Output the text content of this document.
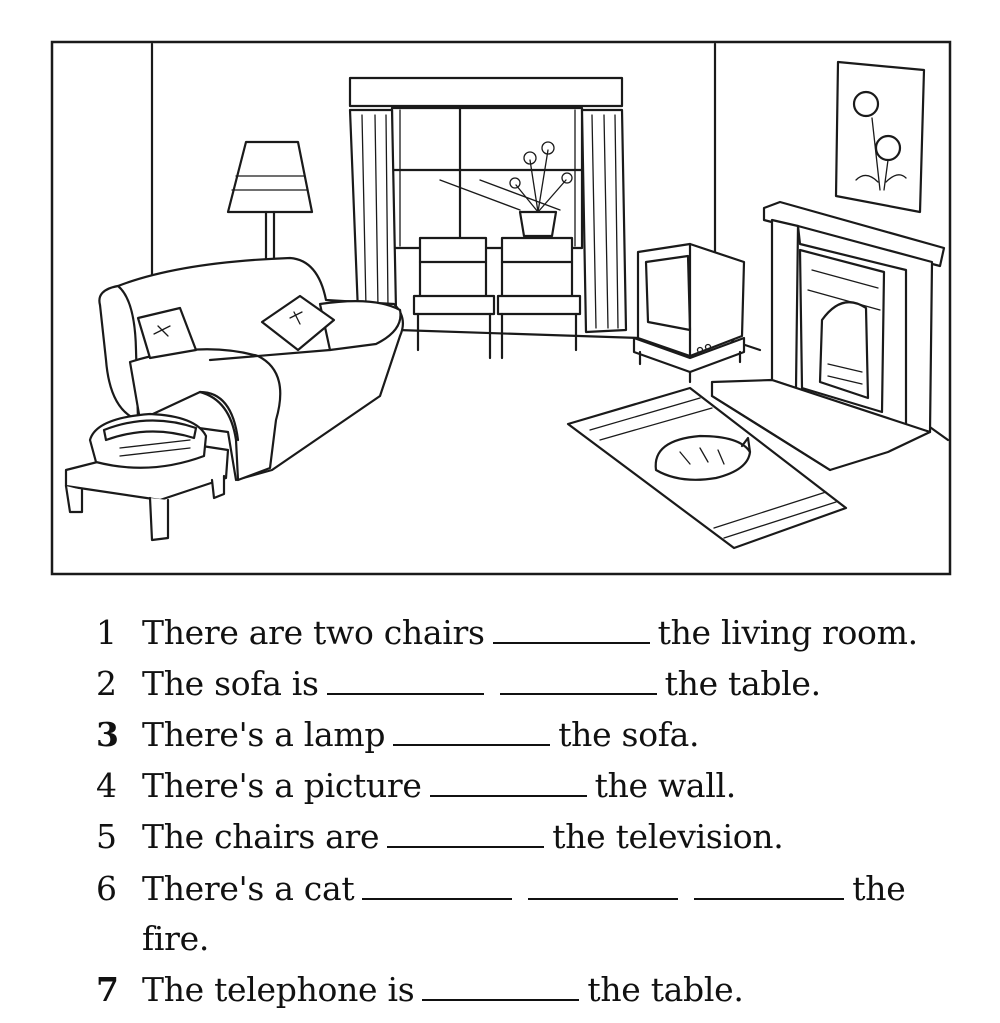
1 There are two chairs	the living room.
2 The sofa is	the table.
3 There's a lamp	the sofa.
4 There's a picture	the wall.
5 The chairs are	the television.
6 There's a cat	the
fire.
7 The telephone is	the table.
